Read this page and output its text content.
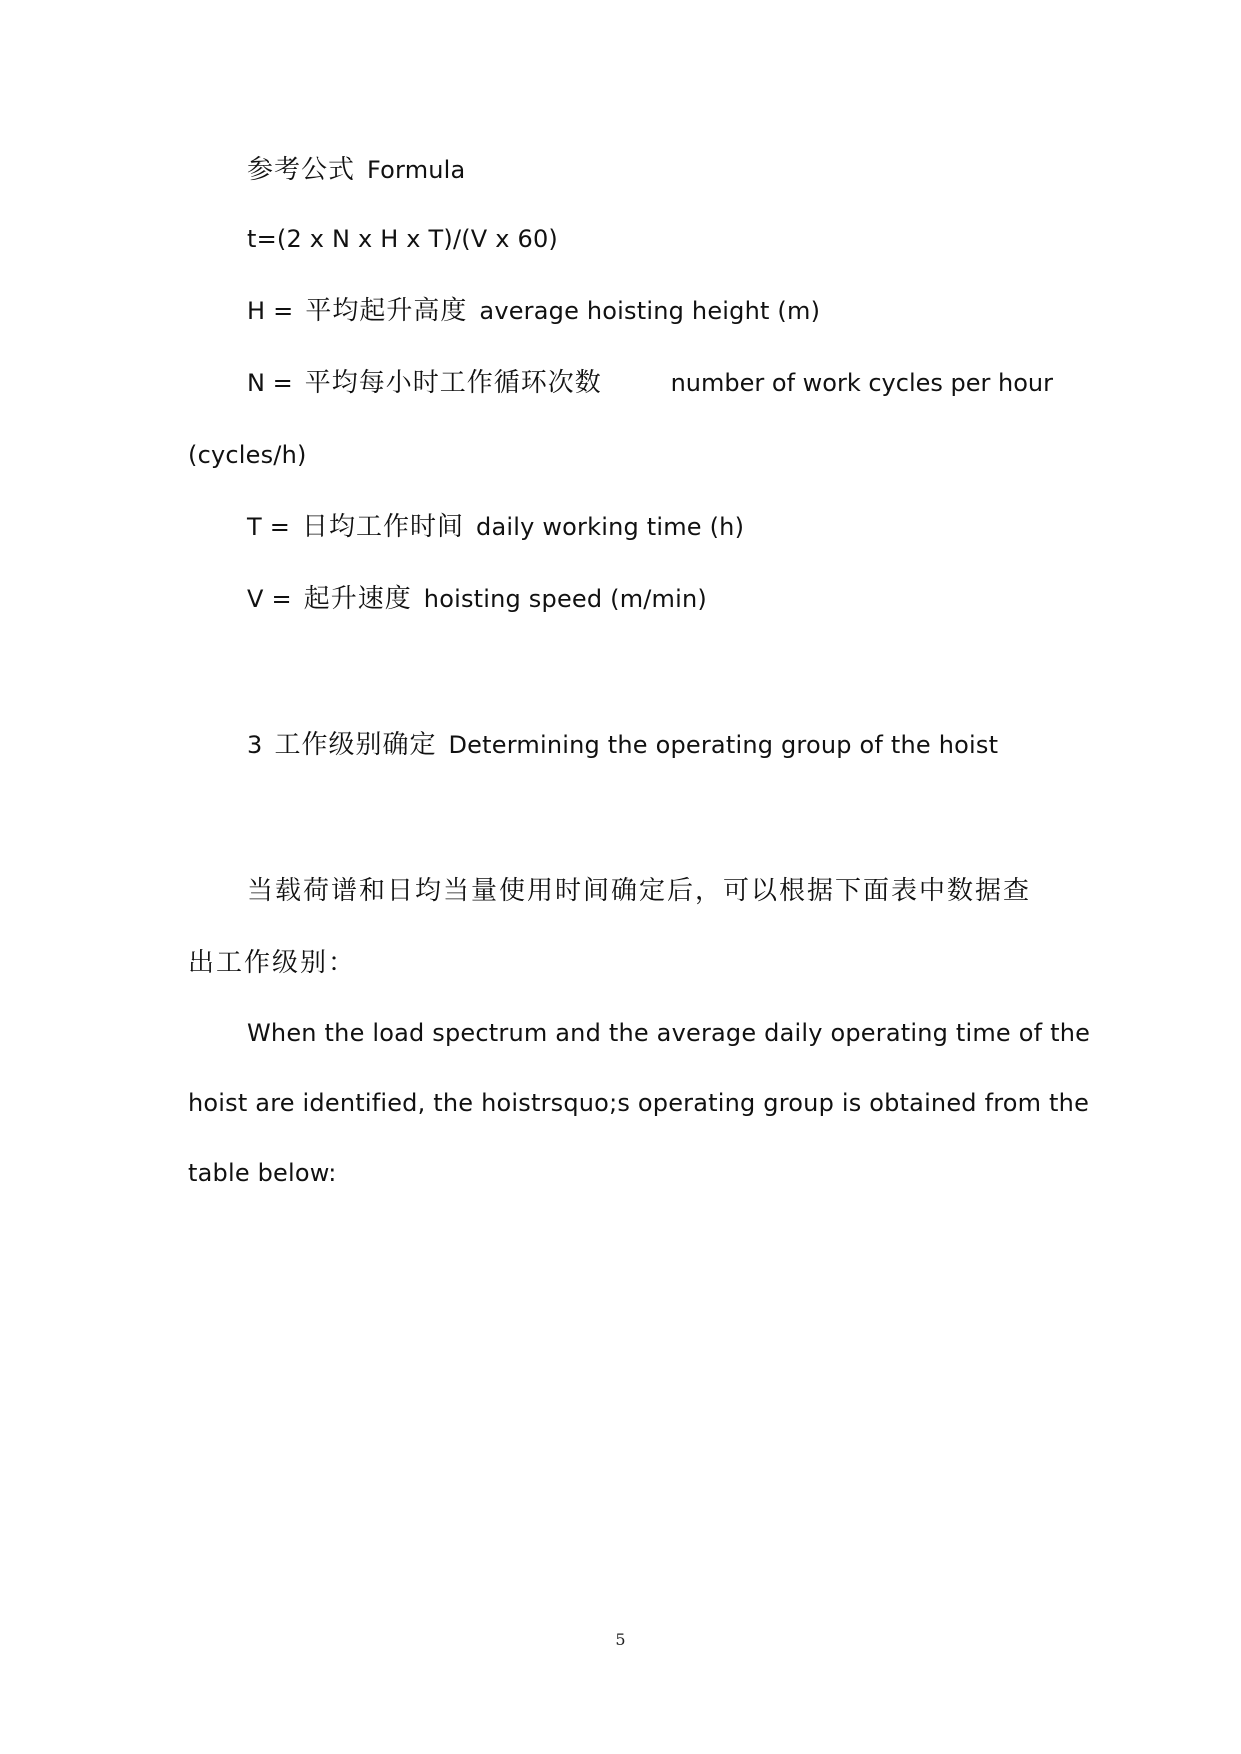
参考公式 Formula
t=(2 x N x H x T)/(V x 60)
H = 平均起升高度 average hoisting height (m)
N = 平均每小时工作循环次数	number of work cycles per hour
(cycles/h)
T = 日均工作时间 daily working time (h)
V = 起升速度 hoisting speed (m/min)
3 工作级别确定 Determining the operating group of the hoist
当载荷谱和日均当量使用时间确定后，可以根据下面表中数据查
出工作级别：
When the load spectrum and the average daily operating time of the
hoist are identified, the hoistrsquo;s operating group is obtained from the
table below:
5
